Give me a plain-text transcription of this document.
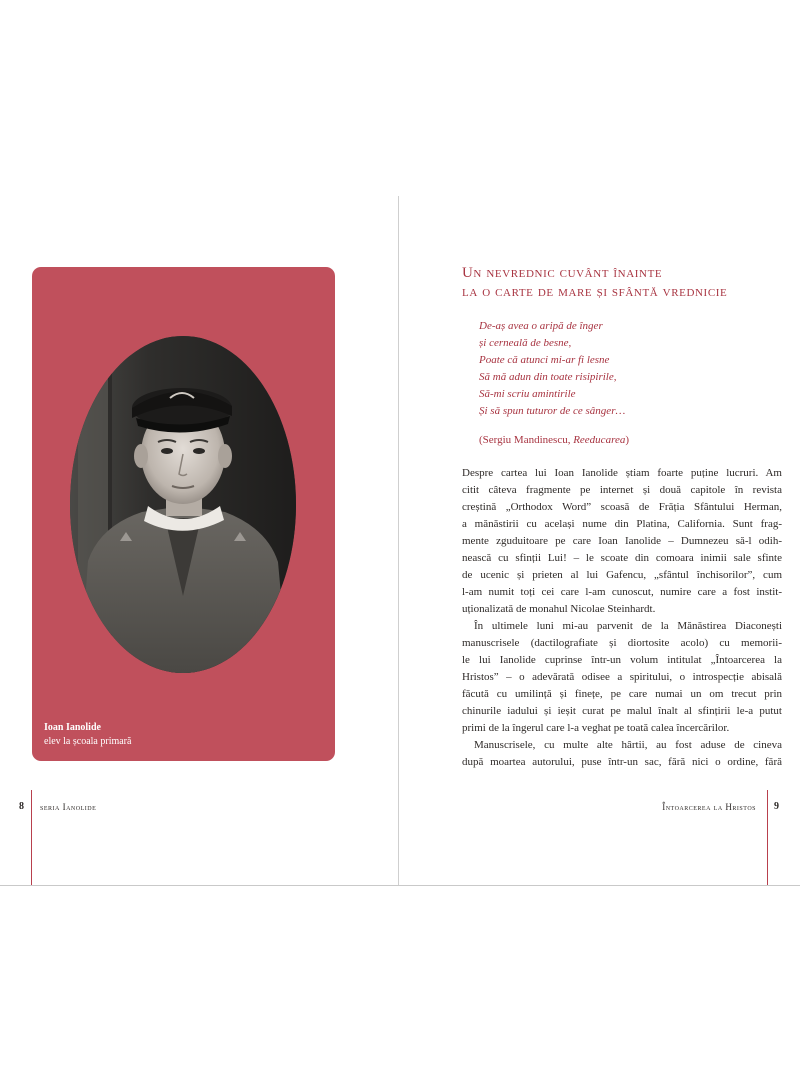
Ioan Ianolide
elev la școala primară
8 seria Ianolide
Un nevrednic cuvânt înainte
la o carte de mare și sfântă vrednicie
De-aș avea o aripă de înger
și cerneală de besne,
Poate că atunci mi-ar fi lesne
Să mă adun din toate risipirile,
Să-mi scriu amintirile
Și să spun tuturor de ce sânger…
(Sergiu Mandinescu, Reeducarea)
Despre cartea lui Ioan Ianolide știam foarte puține lucruri. Am
citit câteva fragmente pe internet și două capitole în revista
creștină „Orthodox Word” scoasă de Frăția Sfântului Herman,
a mănăstirii cu același nume din Platina, California. Sunt frag-
mente zguduitoare pe care Ioan Ianolide – Dumnezeu să-l odih-
nească cu sfinții Lui! – le scoate din comoara inimii sale sfinte
de ucenic și prieten al lui Gafencu, „sfântul închisorilor”, cum
l-am numit toți cei care l-am cunoscut, numire care a fost instit-
uționalizată de monahul Nicolae Steinhardt.
În ultimele luni mi-au parvenit de la Mănăstirea Diaconești
manuscrisele (dactilografiate și diortosite acolo) cu memorii-
le lui Ianolide cuprinse într-un volum intitulat „Întoarcerea la
Hristos” – o adevărată odisee a spiritului, o introspecție abisală
făcută cu umilință și finețe, pe care numai un om trecut prin
chinurile iadului și ieșit curat pe malul înalt al sfințirii le-a putut
primi de la îngerul care l-a veghat pe toată calea încercărilor.
Manuscrisele, cu multe alte hârtii, au fost aduse de cineva
după moartea autorului, puse într-un sac, fără nici o ordine, fără
Întoarcerea la Hristos 9
